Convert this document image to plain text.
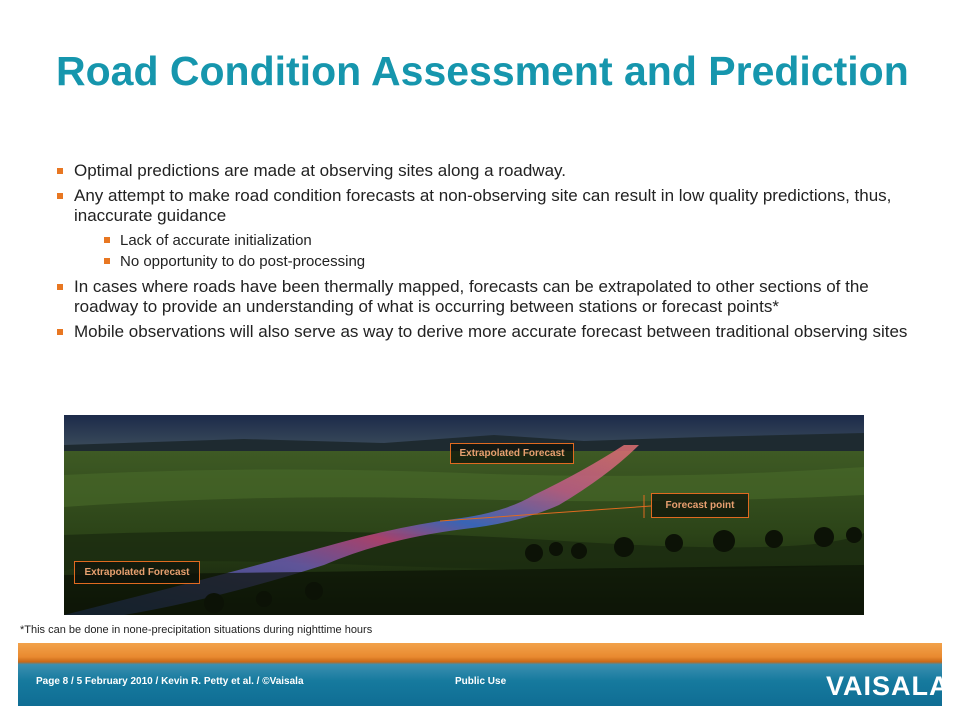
Road Condition Assessment and Prediction
Optimal predictions are made at observing sites along a roadway.
Any attempt to make road condition forecasts at non-observing site can result in low quality predictions, thus, inaccurate guidance
Lack of accurate initialization
No opportunity to do post-processing
In cases where roads have been thermally mapped, forecasts can be extrapolated to other sections of the roadway to provide an understanding of what is occurring between stations or forecast points*
Mobile observations will also serve as way to derive more accurate forecast between traditional observing sites
Extrapolated Forecast
Forecast point
Extrapolated Forecast
*This can be done in none-precipitation situations during nighttime hours
Page 8 / 5 February 2010 / Kevin R. Petty et al. / ©Vaisala	Public Use	VAISALA
